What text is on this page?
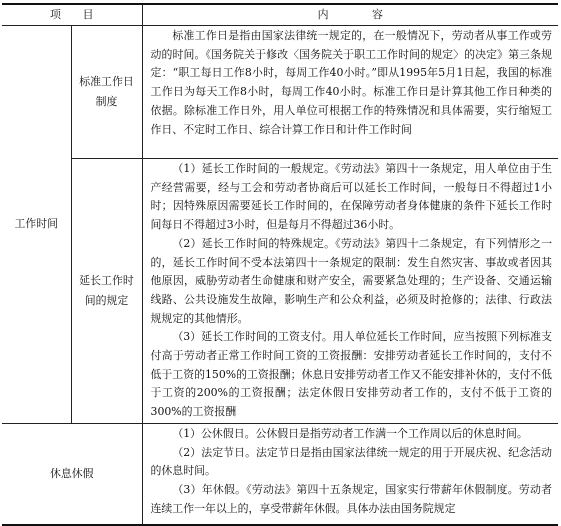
项　　目		内　　　　容
工作时间	标准工作日制度	标准工作日是指由国家法律统一规定的，在一般情况下，劳动者从事工作或劳动的时间。《国务院关于修改〈国务院关于职工工作时间的规定〉的决定》第三条规定：“职工每日工作8小时，每周工作40小时。”即从1995年5月1日起，我国的标准工作日为每天工作8小时，每周工作40小时。标准工作日是计算其他工作日种类的依据。除标准工作日外，用人单位可根据工作的特殊情况和具体需要，实行缩短工作日、不定时工作日、综合计算工作日和计件工作时间

	延长工作时间的规定	（1）延长工作时间的一般规定。《劳动法》第四十一条规定，用人单位由于生产经营需要，经与工会和劳动者协商后可以延长工作时间，一般每日不得超过1小时；因特殊原因需要延长工作时间的，在保障劳动者身体健康的条件下延长工作时间每日不得超过3小时，但是每月不得超过36小时。

（2）延长工作时间的特殊规定。《劳动法》第四十二条规定，有下列情形之一的，延长工作时间不受本法第四十一条规定的限制：发生自然灾害、事故或者因其他原因，威胁劳动者生命健康和财产安全，需要紧急处理的；生产设备、交通运输线路、公共设施发生故障，影响生产和公众利益，必须及时抢修的；法律、行政法规规定的其他情形。

（3）延长工作时间的工资支付。用人单位延长工作时间，应当按照下列标准支付高于劳动者正常工作时间工资的工资报酬：安排劳动者延长工作时间的，支付不低于工资的150%的工资报酬；休息日安排劳动者工作又不能安排补休的，支付不低于工资的200%的工资报酬；法定休假日安排劳动者工作的，支付不低于工资的300%的工资报酬

休息休假		（1）公休假日。公休假日是指劳动者工作满一个工作周以后的休息时间。

（2）法定节日。法定节日是指由国家法律统一规定的用于开展庆祝、纪念活动的休息时间。

（3）年休假。《劳动法》第四十五条规定，国家实行带薪年休假制度。劳动者连续工作一年以上的，享受带薪年休假。具体办法由国务院规定
